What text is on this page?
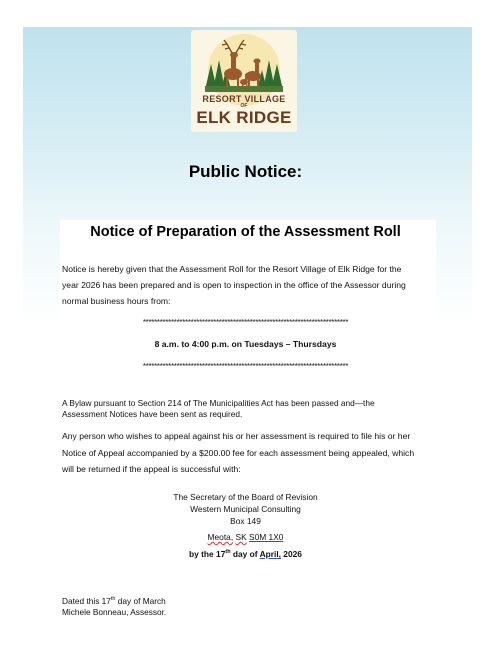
RESORT VILLAGE
OF
ELK RIDGE
Public Notice:
Notice of Preparation of the Assessment Roll
Notice is hereby given that the Assessment Roll for the Resort Village of Elk Ridge for the
year 2026 has been prepared and is open to inspection in the office of the Assessor during
normal business hours from:
*************************************************************************
8 a.m. to 4:00 p.m. on Tuesdays – Thursdays
*************************************************************************
A Bylaw pursuant to Section 214 of The Municipalities Act has been passed and—the
Assessment Notices have been sent as required.
Any person who wishes to appeal against his or her assessment is required to file his or her
Notice of Appeal accompanied by a $200.00 fee for each assessment being appealed, which
will be returned if the appeal is successful with:
The Secretary of the Board of Revision
Western Municipal Consulting
Box 149
Meota, SK S0M 1X0
by the 17th day of April, 2026
Dated this 17th day of March
Michele Bonneau, Assessor.
